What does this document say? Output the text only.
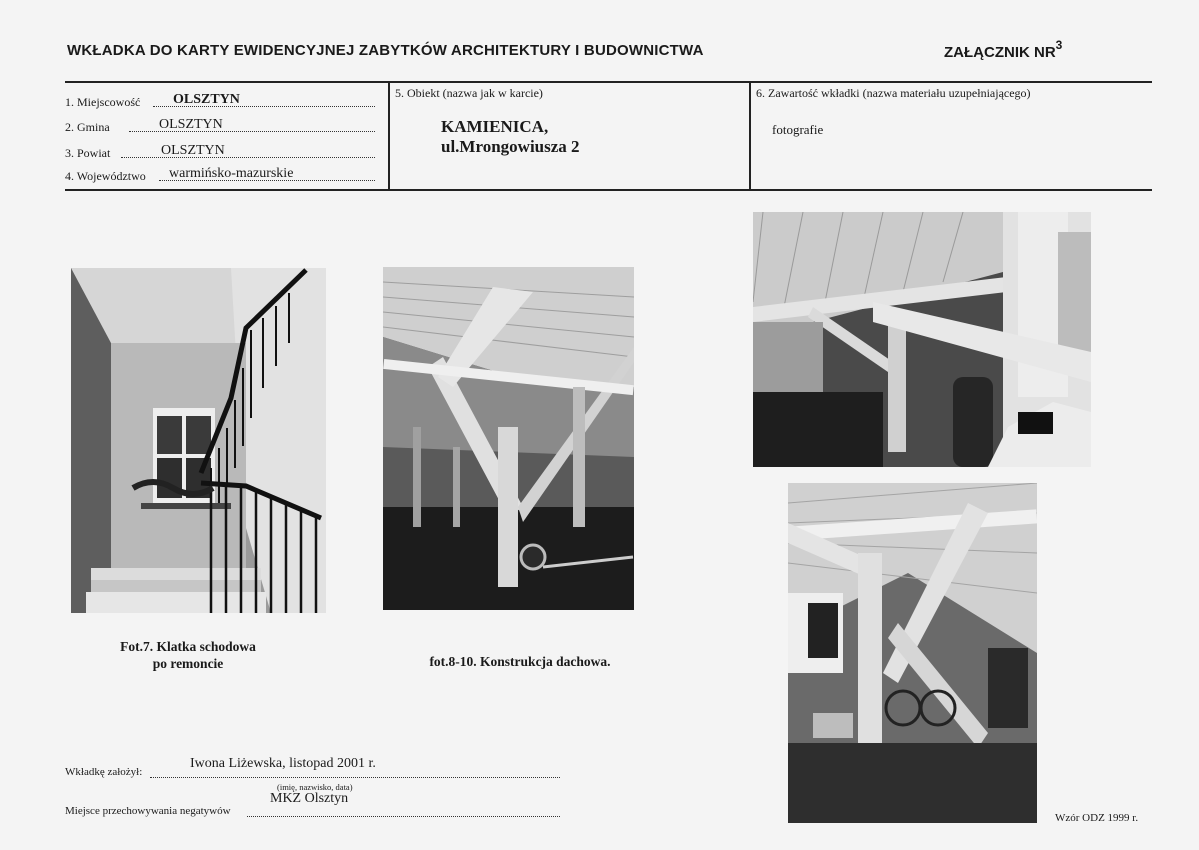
WKŁADKA DO KARTY EWIDENCYJNEJ ZABYTKÓW ARCHITEKTURY I BUDOWNICTWA	ZAŁĄCZNIK $NR^3$
1. Miejscowość OLSZTYN
2. Gmina	OLSZTYN
3. Powiat	OLSZTYN
4. Województwo warmińsko-mazurskie
5. Obiekt (nazwa jak w karcie)
KAMIENICA,
ul.Mrongowiusza 2
6. Zawartość wkładki (nazwa materiału uzupełniającego)
fotografie
Fot.7. Klatka schodowa
po remoncie	fot.8-10. Konstrukcja dachowa.
Wkładkę założył:
Iwona Liżewska, listopad 2001 r.
(imię, nazwisko, data)
Miejsce przechowywania negatywów
MKZ Olsztyn
Wzór ODZ 1999 r.
